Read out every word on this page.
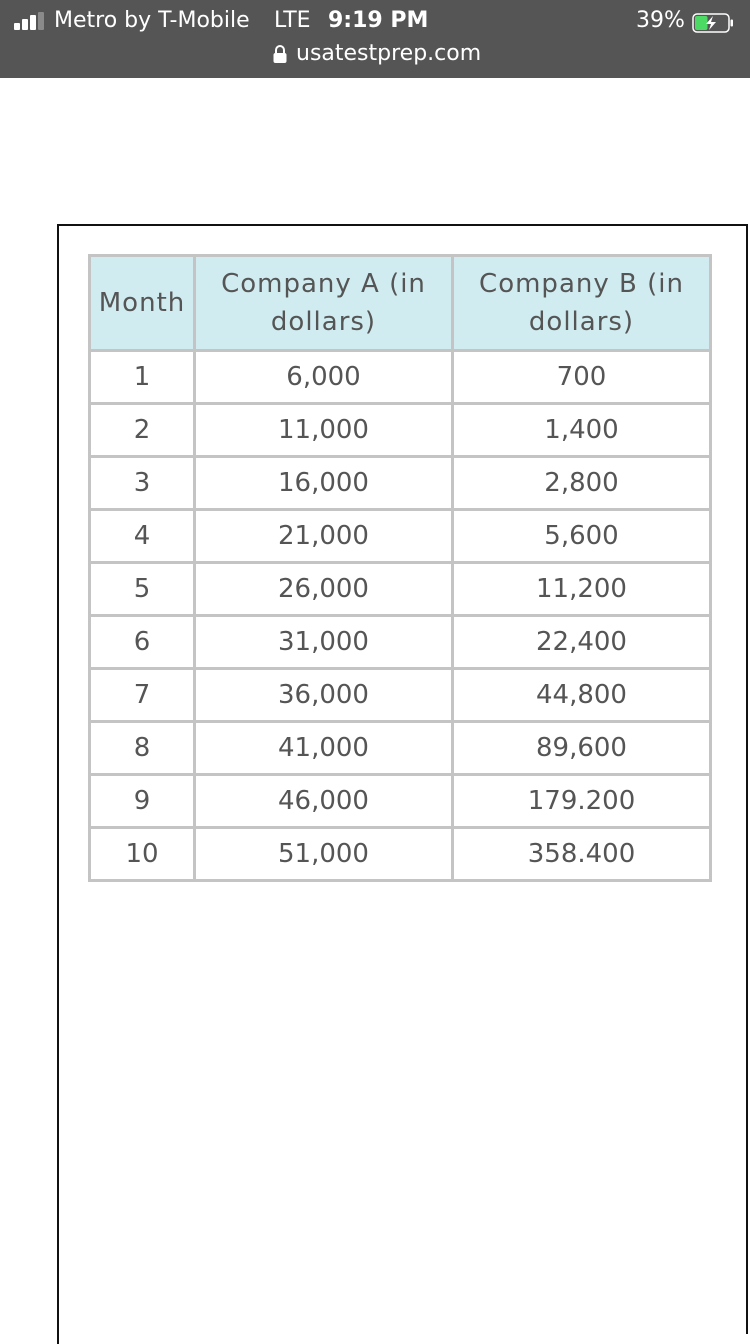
Metro by T-Mobile LTE 9:19 PM	39%
usatestprep.com
Month	Company A (in dollars)	Company B (in dollars)
1	6,000	700
2	11,000	1,400
3	16,000	2,800
4	21,000	5,600
5	26,000	11,200
6	31,000	22,400
7	36,000	44,800
8	41,000	89,600
9	46,000	179.200
10	51,000	358.400
